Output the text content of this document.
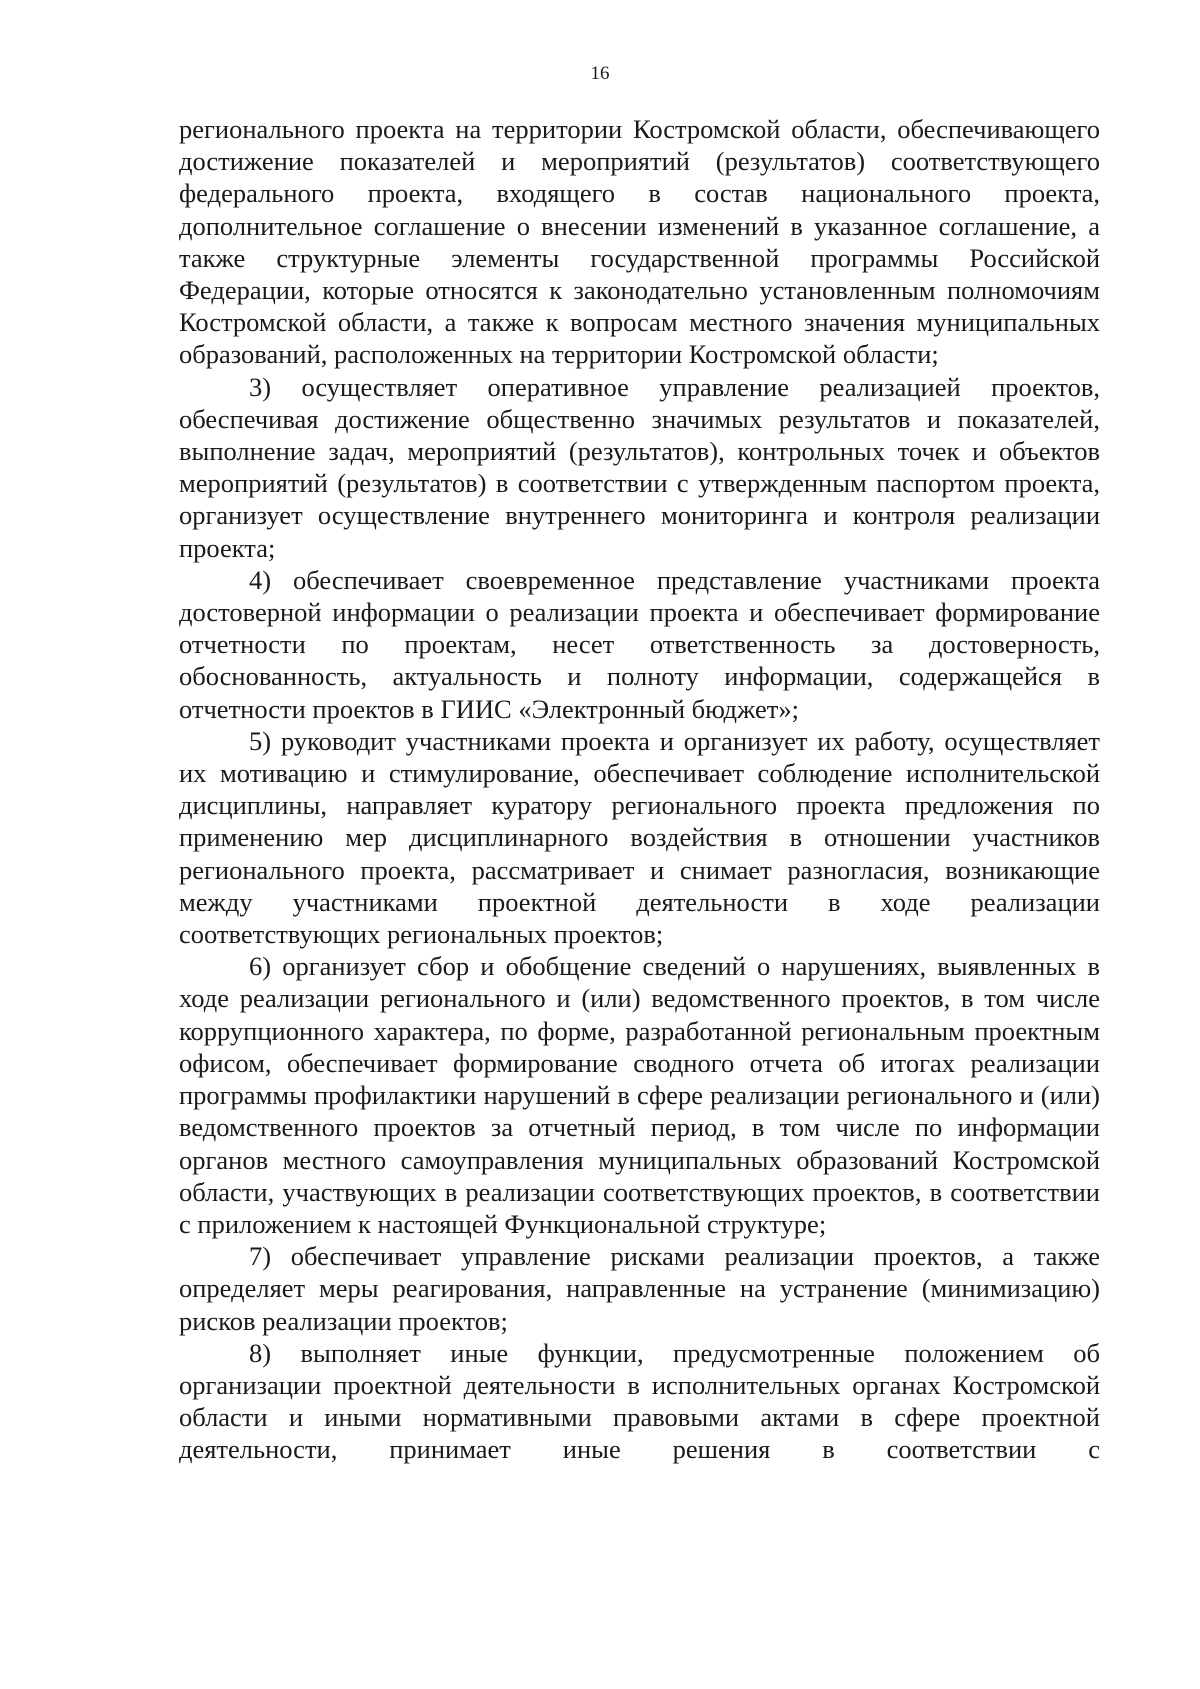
16

регионального проекта на территории Костромской области, обеспечивающего достижение показателей и мероприятий (результатов) соответствующего федерального проекта, входящего в состав национального проекта, дополнительное соглашение о внесении изменений в указанное соглашение, а также структурные элементы государственной программы Российской Федерации, которые относятся к законодательно установленным полномочиям Костромской области, а также к вопросам местного значения муниципальных образований, расположенных на территории Костромской области;

3) осуществляет оперативное управление реализацией проектов, обеспечивая достижение общественно значимых результатов и показателей, выполнение задач, мероприятий (результатов), контрольных точек и объектов мероприятий (результатов) в соответствии с утвержденным паспортом проекта, организует осуществление внутреннего мониторинга и контроля реализации проекта;

4) обеспечивает своевременное представление участниками проекта достоверной информации о реализации проекта и обеспечивает формирование отчетности по проектам, несет ответственность за достоверность, обоснованность, актуальность и полноту информации, содержащейся в отчетности проектов в ГИИС «Электронный бюджет»;

5) руководит участниками проекта и организует их работу, осуществляет их мотивацию и стимулирование, обеспечивает соблюдение исполнительской дисциплины, направляет куратору регионального проекта предложения по применению мер дисциплинарного воздействия в отношении участников регионального проекта, рассматривает и снимает разногласия, возникающие между участниками проектной деятельности в ходе реализации соответствующих региональных проектов;

6) организует сбор и обобщение сведений о нарушениях, выявленных в ходе реализации регионального и (или) ведомственного проектов, в том числе коррупционного характера, по форме, разработанной региональным проектным офисом, обеспечивает формирование сводного отчета об итогах реализации программы профилактики нарушений в сфере реализации регионального и (или) ведомственного проектов за отчетный период, в том числе по информации органов местного самоуправления муниципальных образований Костромской области, участвующих в реализации соответствующих проектов, в соответствии с приложением к настоящей Функциональной структуре;

7) обеспечивает управление рисками реализации проектов, а также определяет меры реагирования, направленные на устранение (минимизацию) рисков реализации проектов;

8) выполняет иные функции, предусмотренные положением об организации проектной деятельности в исполнительных органах Костромской области и иными нормативными правовыми актами в сфере проектной деятельности, принимает иные решения в соответствии с
